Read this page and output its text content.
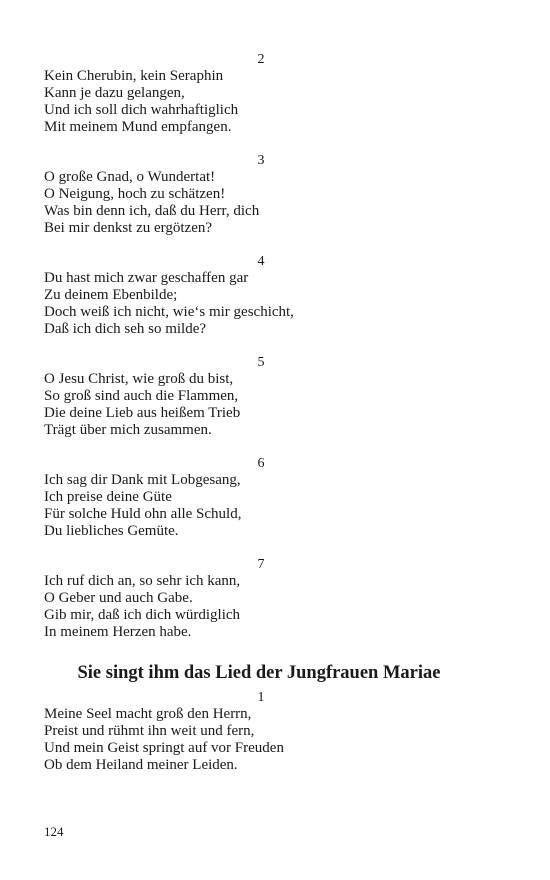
2
Kein Cherubin, kein Seraphin
Kann je dazu gelangen,
Und ich soll dich wahrhaftiglich
Mit meinem Mund empfangen.
3
O große Gnad, o Wundertat!
O Neigung, hoch zu schätzen!
Was bin denn ich, daß du Herr, dich
Bei mir denkst zu ergötzen?
4
Du hast mich zwar geschaffen gar
Zu deinem Ebenbilde;
Doch weiß ich nicht, wie‘s mir geschicht,
Daß ich dich seh so milde?
5
O Jesu Christ, wie groß du bist,
So groß sind auch die Flammen,
Die deine Lieb aus heißem Trieb
Trägt über mich zusammen.
6
Ich sag dir Dank mit Lobgesang,
Ich preise deine Güte
Für solche Huld ohn alle Schuld,
Du liebliches Gemüte.
7
Ich ruf dich an, so sehr ich kann,
O Geber und auch Gabe.
Gib mir, daß ich dich würdiglich
In meinem Herzen habe.
Sie singt ihm das Lied der Jungfrauen Mariae
1
Meine Seel macht groß den Herrn,
Preist und rühmt ihn weit und fern,
Und mein Geist springt auf vor Freuden
Ob dem Heiland meiner Leiden.
124
